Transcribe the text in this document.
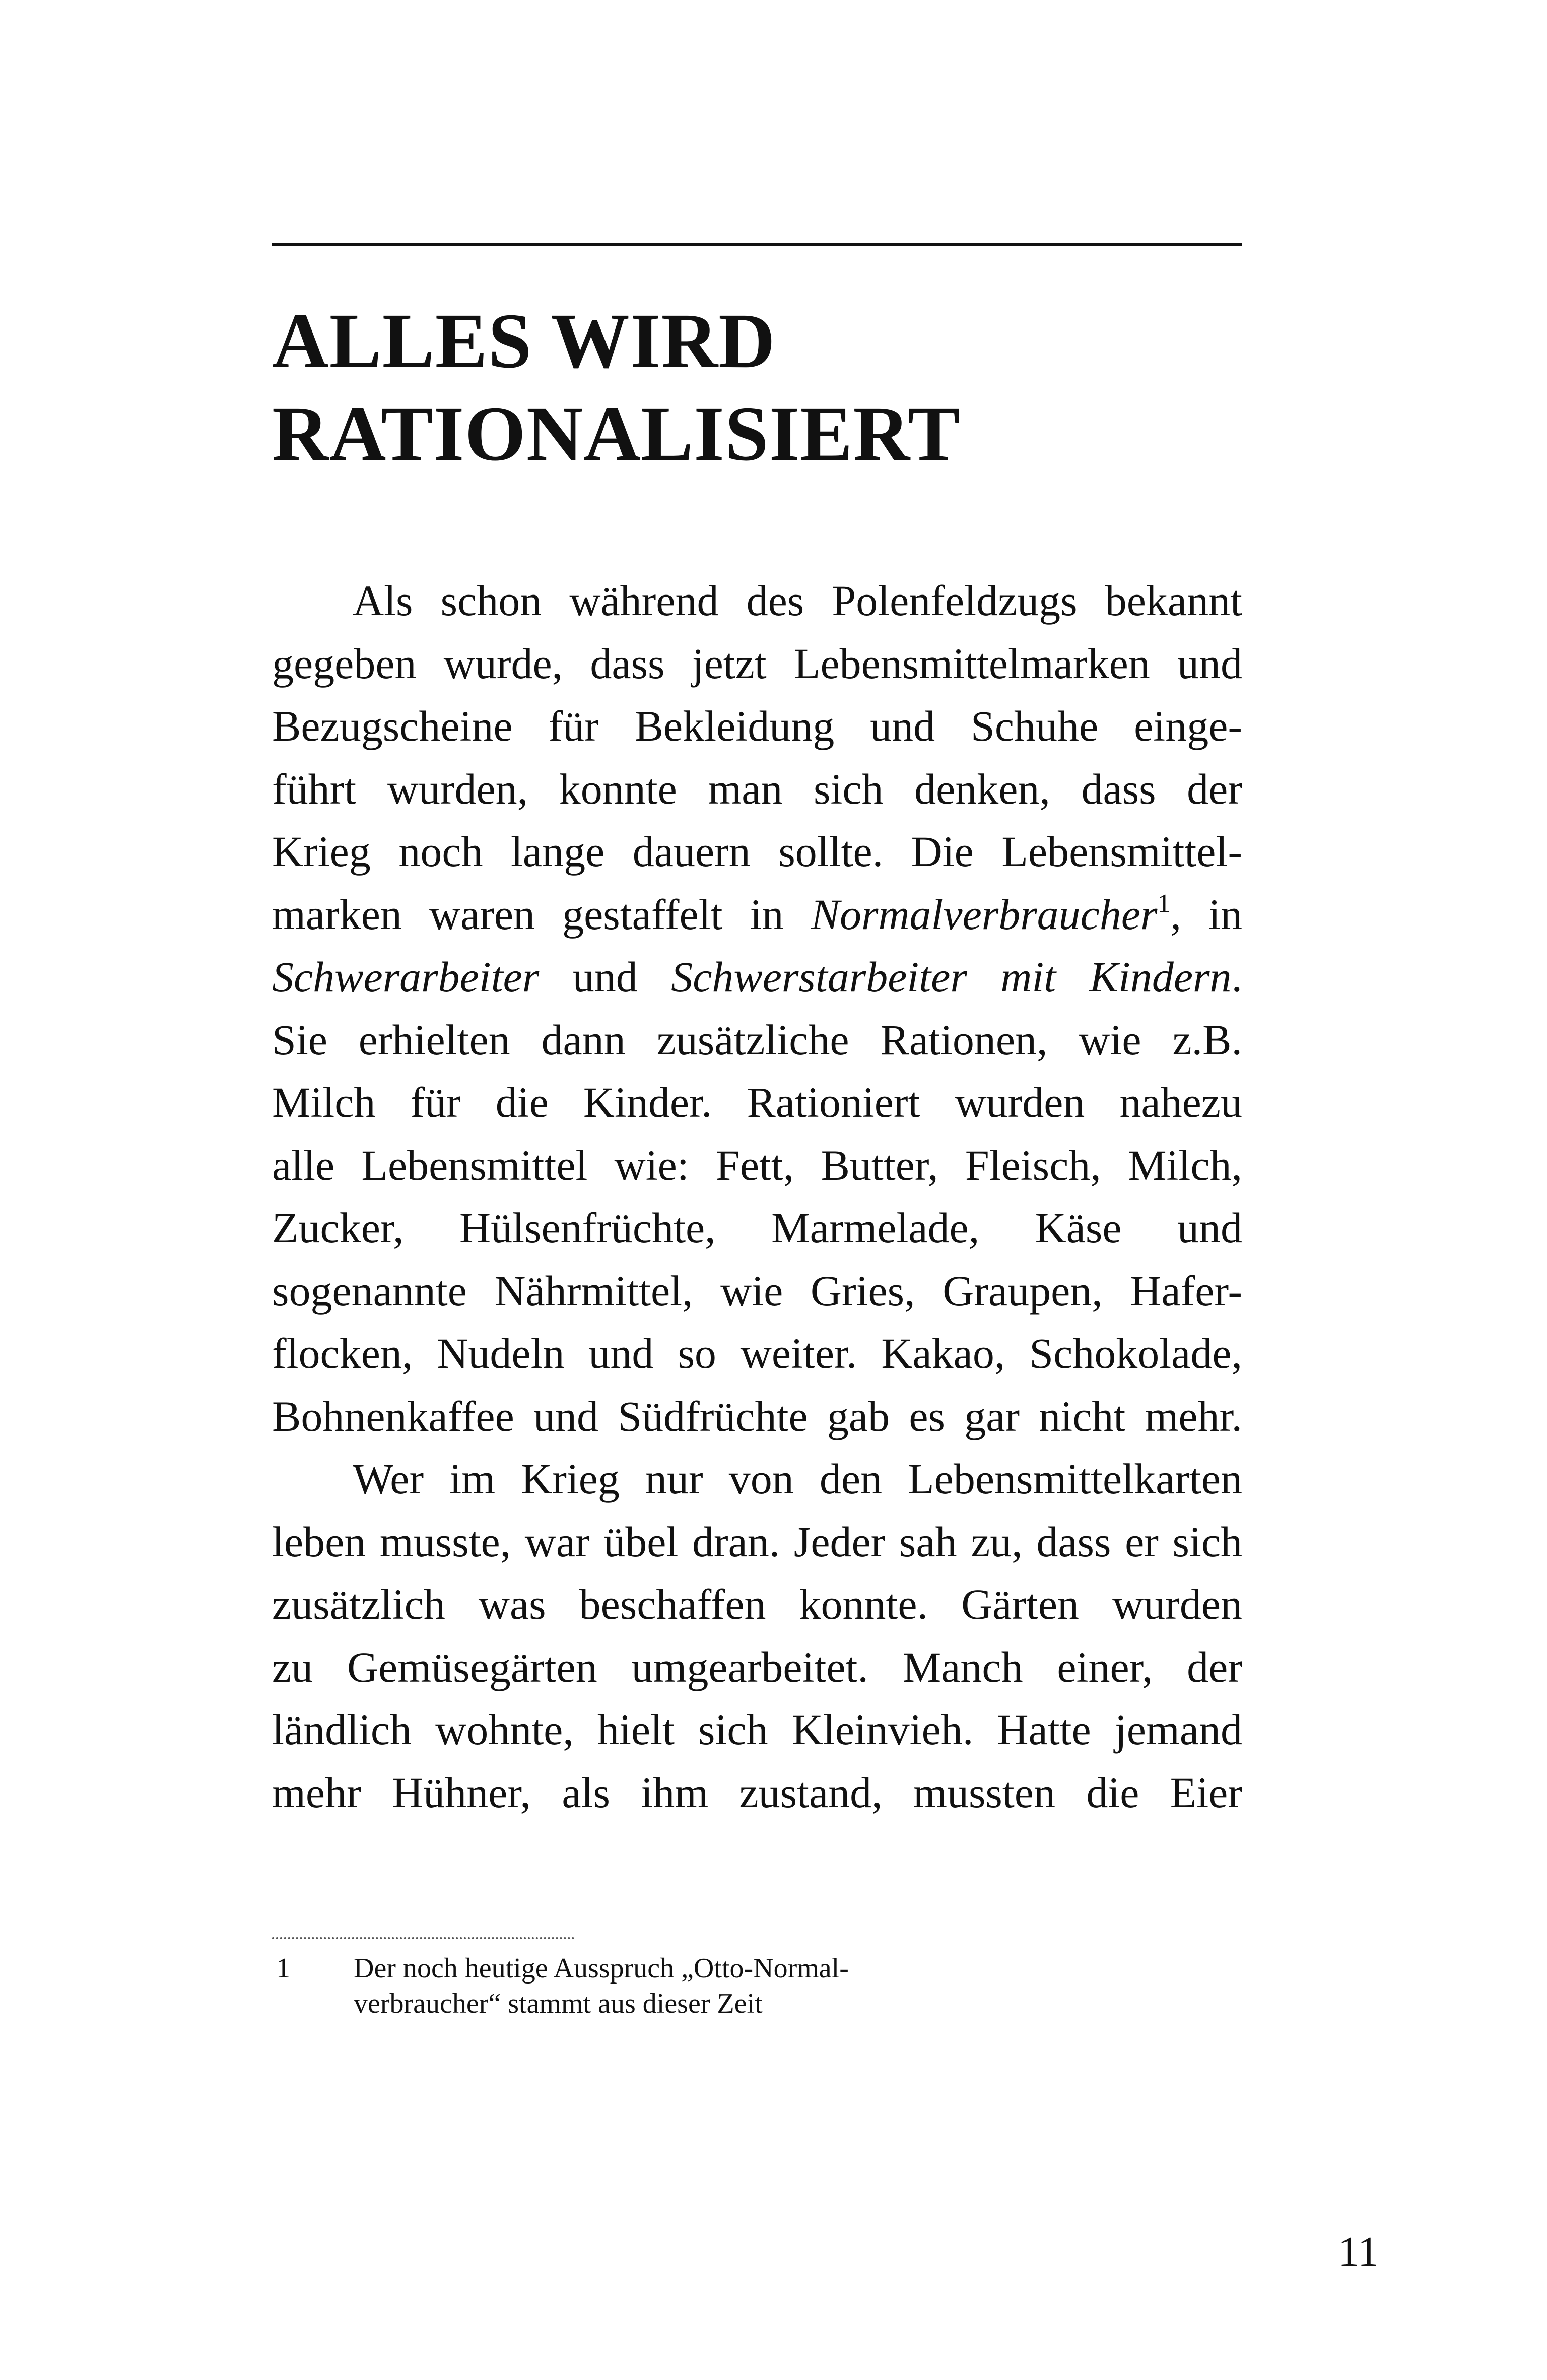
ALLES WIRD
RATIONALISIERT
Als schon während des Polenfeldzugs bekannt
gegeben wurde, dass jetzt Lebensmittelmarken und
Bezugscheine für Bekleidung und Schuhe einge-
führt wurden, konnte man sich denken, dass der
Krieg noch lange dauern sollte. Die Lebensmittel-
marken waren gestaffelt in Normalverbraucher$^1$, in
Schwerarbeiter und Schwerstarbeiter mit Kindern.
Sie erhielten dann zusätzliche Rationen, wie z.B.
Milch für die Kinder. Rationiert wurden nahezu
alle Lebensmittel wie: Fett, Butter, Fleisch, Milch,
Zucker, Hülsenfrüchte, Marmelade, Käse und
sogenannte Nährmittel, wie Gries, Graupen, Hafer-
flocken, Nudeln und so weiter. Kakao, Schokolade,
Bohnenkaffee und Südfrüchte gab es gar nicht mehr.
Wer im Krieg nur von den Lebensmittelkarten
leben musste, war übel dran. Jeder sah zu, dass er sich
zusätzlich was beschaffen konnte. Gärten wurden
zu Gemüsegärten umgearbeitet. Manch einer, der
ländlich wohnte, hielt sich Kleinvieh. Hatte jemand
mehr Hühner, als ihm zustand, mussten die Eier
1 Der noch heutige Ausspruch „Otto-Normal-
verbraucher“ stammt aus dieser Zeit
11
